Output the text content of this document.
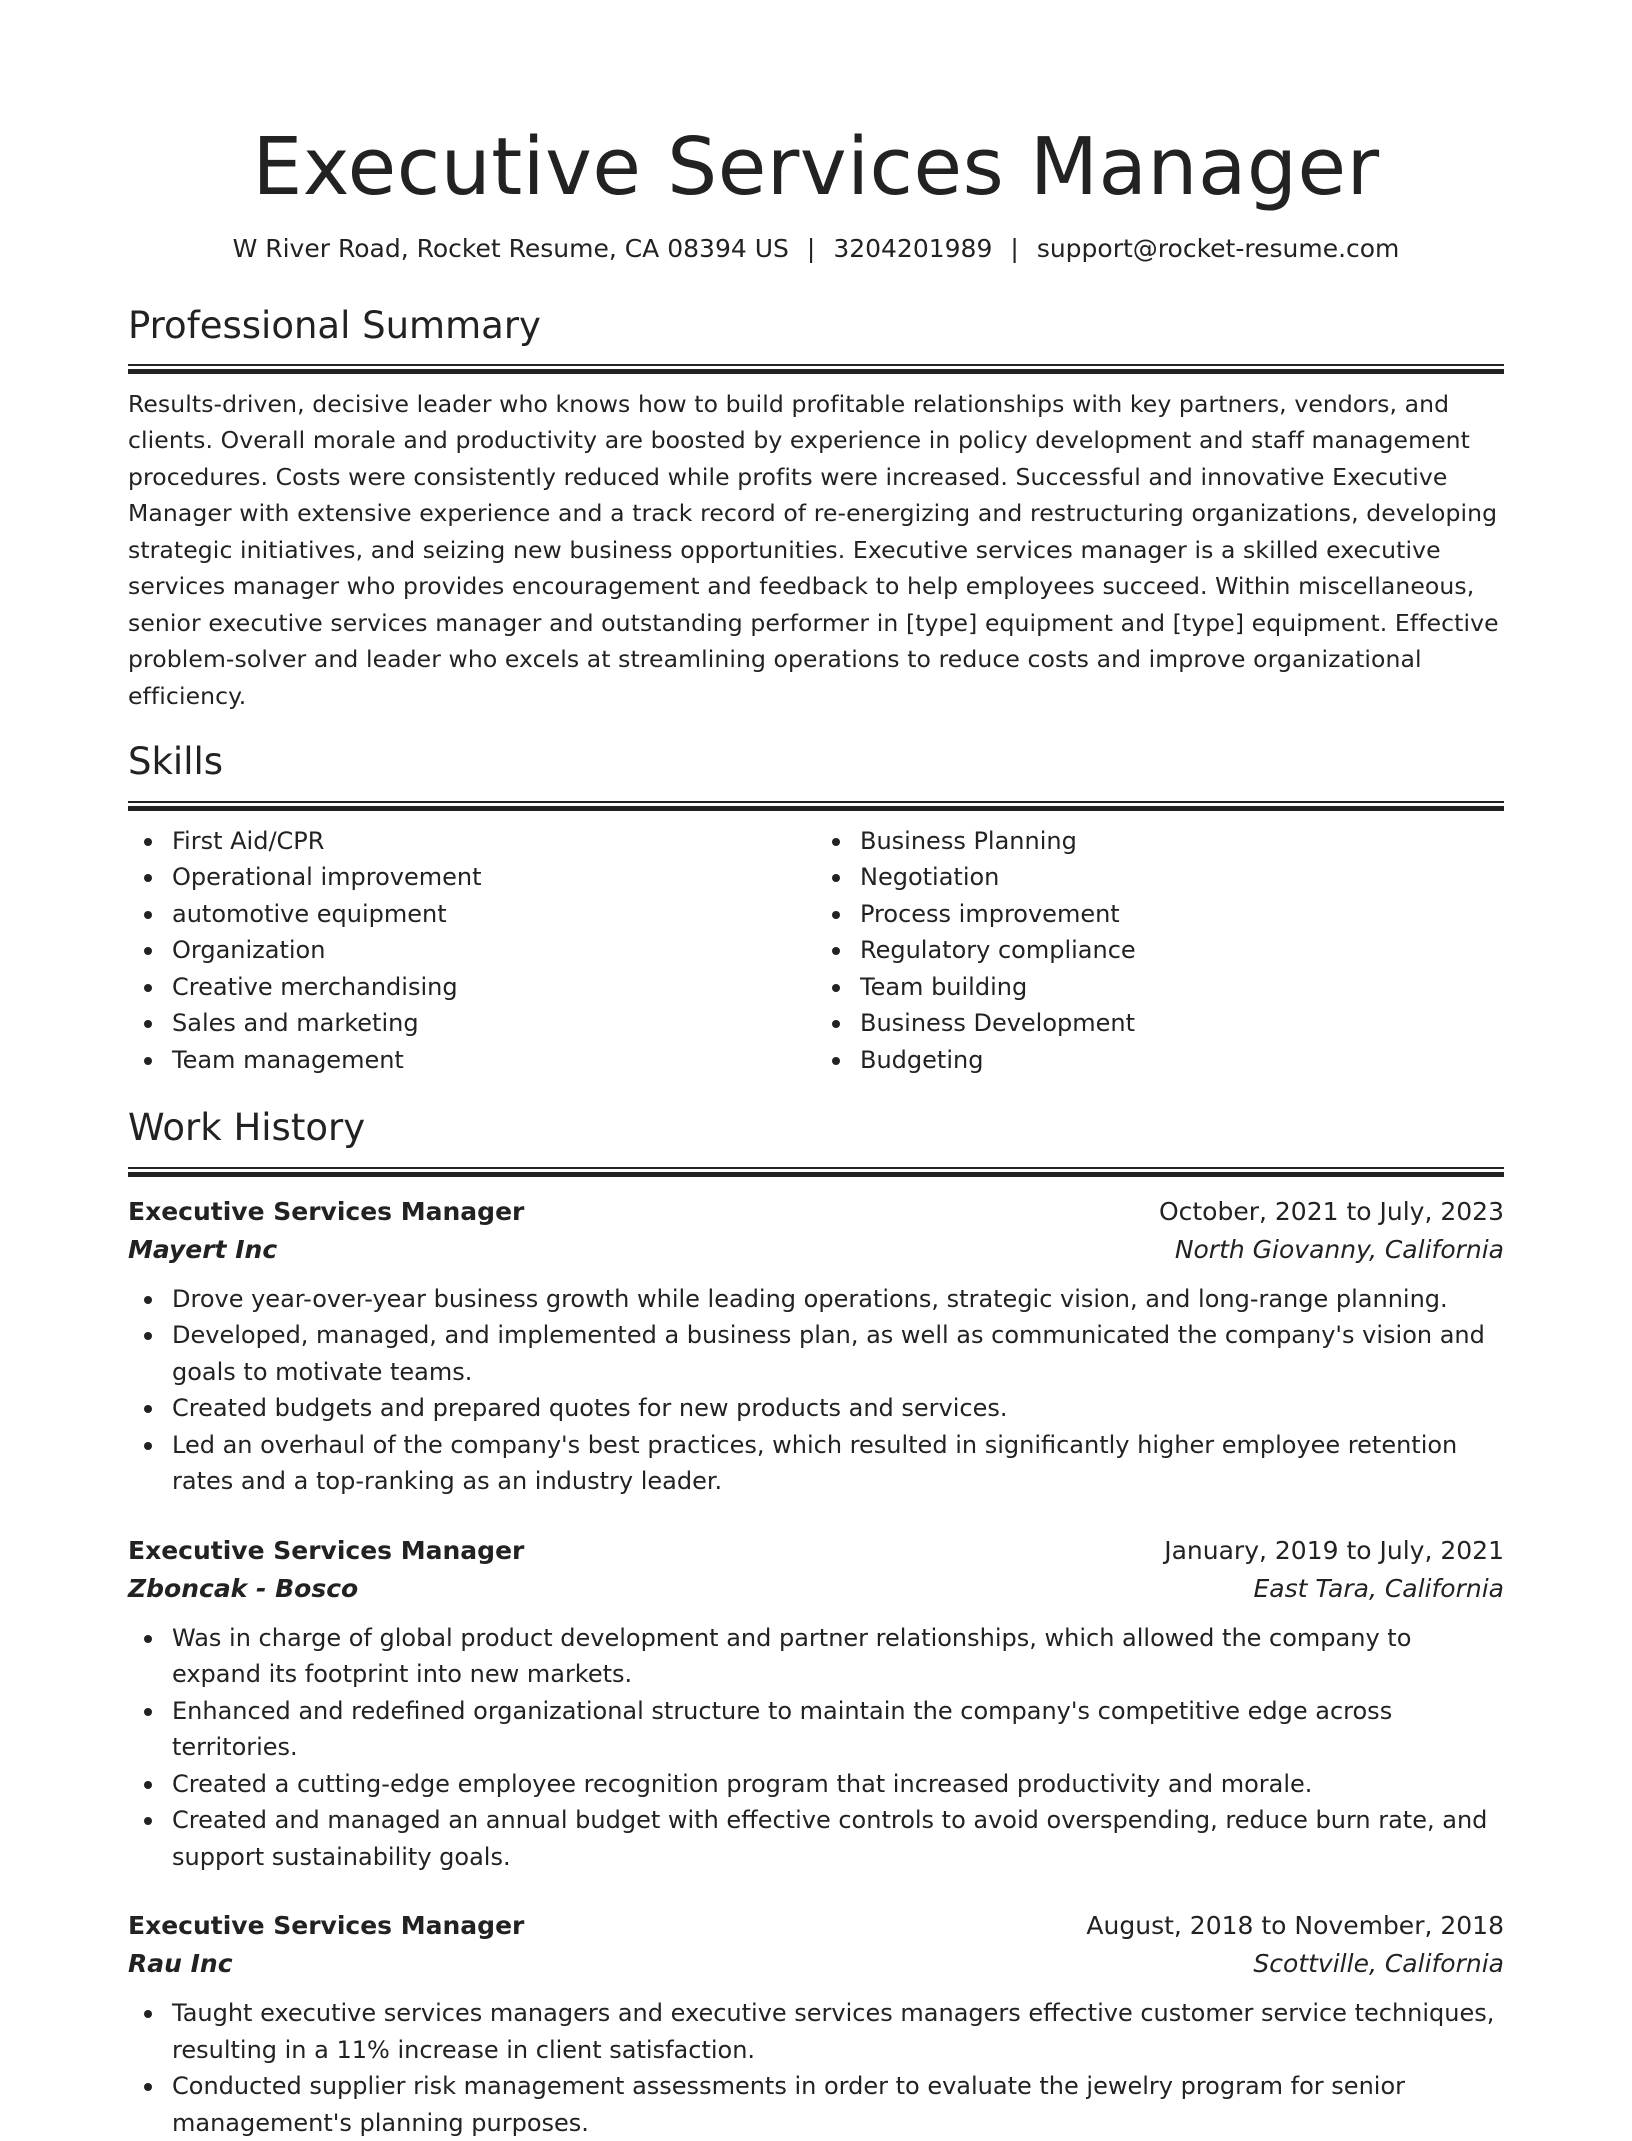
Executive Services Manager
W River Road, Rocket Resume, CA 08394 US | 3204201989 | support@rocket-resume.com
Professional Summary

Results-driven, decisive leader who knows how to build profitable relationships with key partners, vendors, and clients. Overall morale and productivity are boosted by experience in policy development and staff management procedures. Costs were consistently reduced while profits were increased. Successful and innovative Executive Manager with extensive experience and a track record of re-energizing and restructuring organizations, developing strategic initiatives, and seizing new business opportunities. Executive services manager is a skilled executive services manager who provides encouragement and feedback to help employees succeed. Within miscellaneous, senior executive services manager and outstanding performer in [type] equipment and [type] equipment. Effective problem-solver and leader who excels at streamlining operations to reduce costs and improve organizational efficiency.

Skills
First Aid/CPR
Operational improvement
automotive equipment
Organization
Creative merchandising
Sales and marketing
Team management
Business Planning
Negotiation
Process improvement
Regulatory compliance
Team building
Business Development
Budgeting
Work History
Executive Services Manager	October, 2021 to July, 2023
Mayert Inc	North Giovanny, California
Drove year-over-year business growth while leading operations, strategic vision, and long-range planning.
Developed, managed, and implemented a business plan, as well as communicated the company's vision and goals to motivate teams.
Created budgets and prepared quotes for new products and services.
Led an overhaul of the company's best practices, which resulted in significantly higher employee retention rates and a top-ranking as an industry leader.
Executive Services Manager	January, 2019 to July, 2021
Zboncak - Bosco	East Tara, California
Was in charge of global product development and partner relationships, which allowed the company to expand its footprint into new markets.
Enhanced and redefined organizational structure to maintain the company's competitive edge across territories.
Created a cutting-edge employee recognition program that increased productivity and morale.
Created and managed an annual budget with effective controls to avoid overspending, reduce burn rate, and support sustainability goals.
Executive Services Manager	August, 2018 to November, 2018
Rau Inc	Scottville, California
Taught executive services managers and executive services managers effective customer service techniques, resulting in a 11% increase in client satisfaction.
Conducted supplier risk management assessments in order to evaluate the jewelry program for senior management's planning purposes.
